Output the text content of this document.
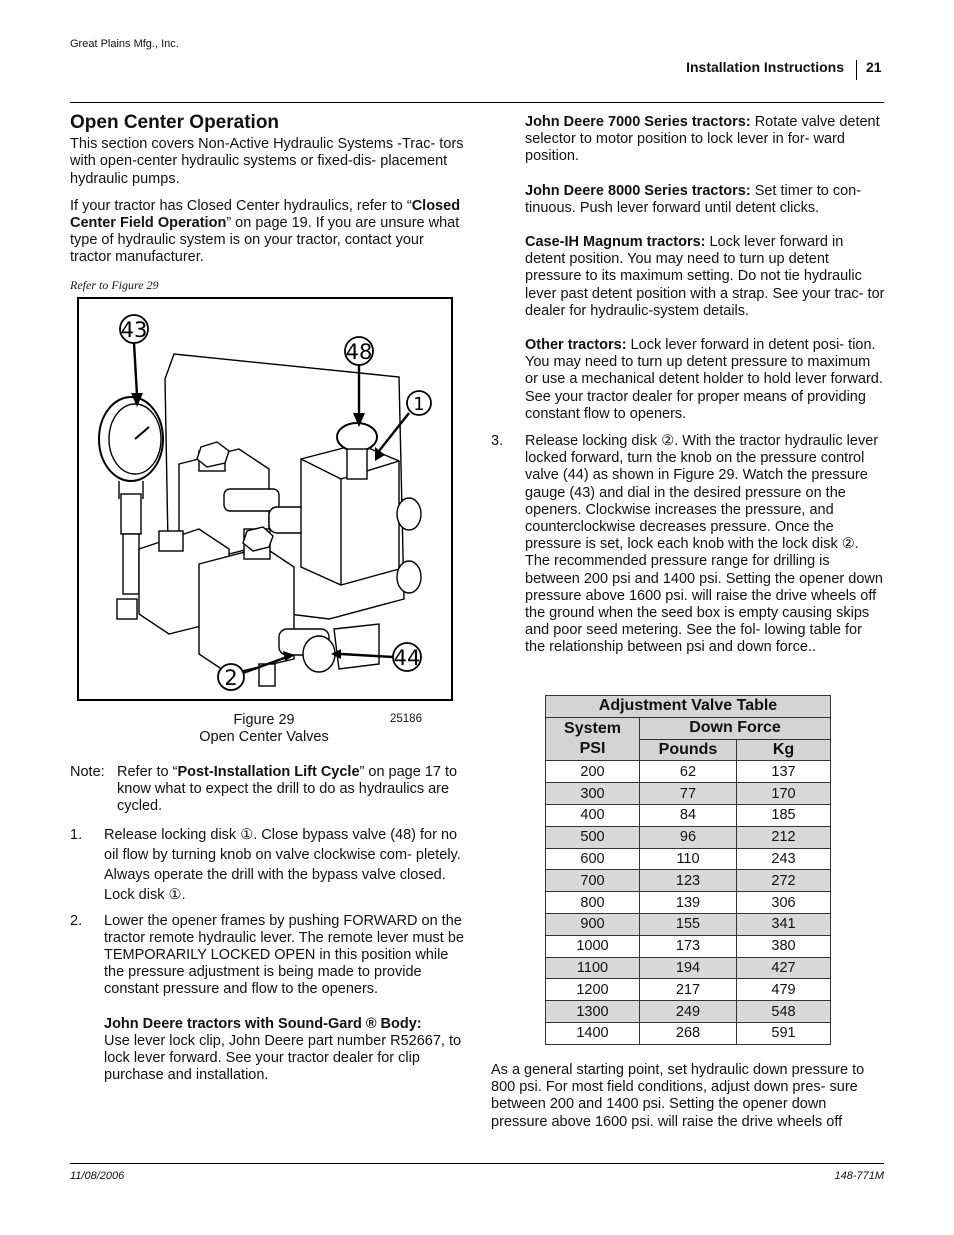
Great Plains Mfg., Inc.
Installation Instructions 21
Open Center Operation

This section covers Non-Active Hydraulic Systems -Trac- tors with open-center hydraulic systems or fixed-dis- placement hydraulic pumps.

If your tractor has Closed Center hydraulics, refer to “Closed Center Field Operation” on page 19. If you are unsure what type of hydraulic system is on your tractor, contact your tractor manufacturer.

Refer to Figure 29

43
48
1
44
2
Figure 29
Open Center Valves
25186
Note: Refer to “Post-Installation Lift Cycle” on page 17 to know what to expect the drill to do as hydraulics are cycled.
1. Release locking disk ①. Close bypass valve (48) for no oil flow by turning knob on valve clockwise com- pletely. Always operate the drill with the bypass valve closed. Lock disk ①.
2. Lower the opener frames by pushing FORWARD on the tractor remote hydraulic lever. The remote lever must be TEMPORARILY LOCKED OPEN in this position while the pressure adjustment is being made to provide constant pressure and flow to the openers.
John Deere tractors with Sound-Gard ® Body:
Use lever lock clip, John Deere part number R52667, to lock lever forward. See your tractor dealer for clip purchase and installation.

John Deere 7000 Series tractors: Rotate valve detent selector to motor position to lock lever in for- ward position.

John Deere 8000 Series tractors: Set timer to con- tinuous. Push lever forward until detent clicks.

Case-IH Magnum tractors: Lock lever forward in detent position. You may need to turn up detent pressure to its maximum setting. Do not tie hydraulic lever past detent position with a strap. See your trac- tor dealer for hydraulic-system details.

Other tractors: Lock lever forward in detent posi- tion. You may need to turn up detent pressure to maximum or use a mechanical detent holder to hold lever forward. See your tractor dealer for proper means of providing constant flow to openers.

3. Release locking disk ②. With the tractor hydraulic lever locked forward, turn the knob on the pressure control valve (44) as shown in Figure 29. Watch the pressure gauge (43) and dial in the desired pressure on the openers. Clockwise increases the pressure, and counterclockwise decreases pressure. Once the pressure is set, lock each knob with the lock disk ②. The recommended pressure range for drilling is between 200 psi and 1400 psi. Setting the opener down pressure above 1600 psi. will raise the drive wheels off the ground when the seed box is empty causing skips and poor seed metering. See the fol- lowing table for the relationship between psi and down force..
Adjustment Valve Table		
System
PSI	Down Force	
	Pounds	Kg
200	62	137
300	77	170
400	84	185
500	96	212
600	110	243
700	123	272
800	139	306
900	155	341
1000	173	380
1100	194	427
1200	217	479
1300	249	548
1400	268	591
As a general starting point, set hydraulic down pressure to 800 psi. For most field conditions, adjust down pres- sure between 200 and 1400 psi. Setting the opener down pressure above 1600 psi. will raise the drive wheels off
11/08/2006	148-771M
